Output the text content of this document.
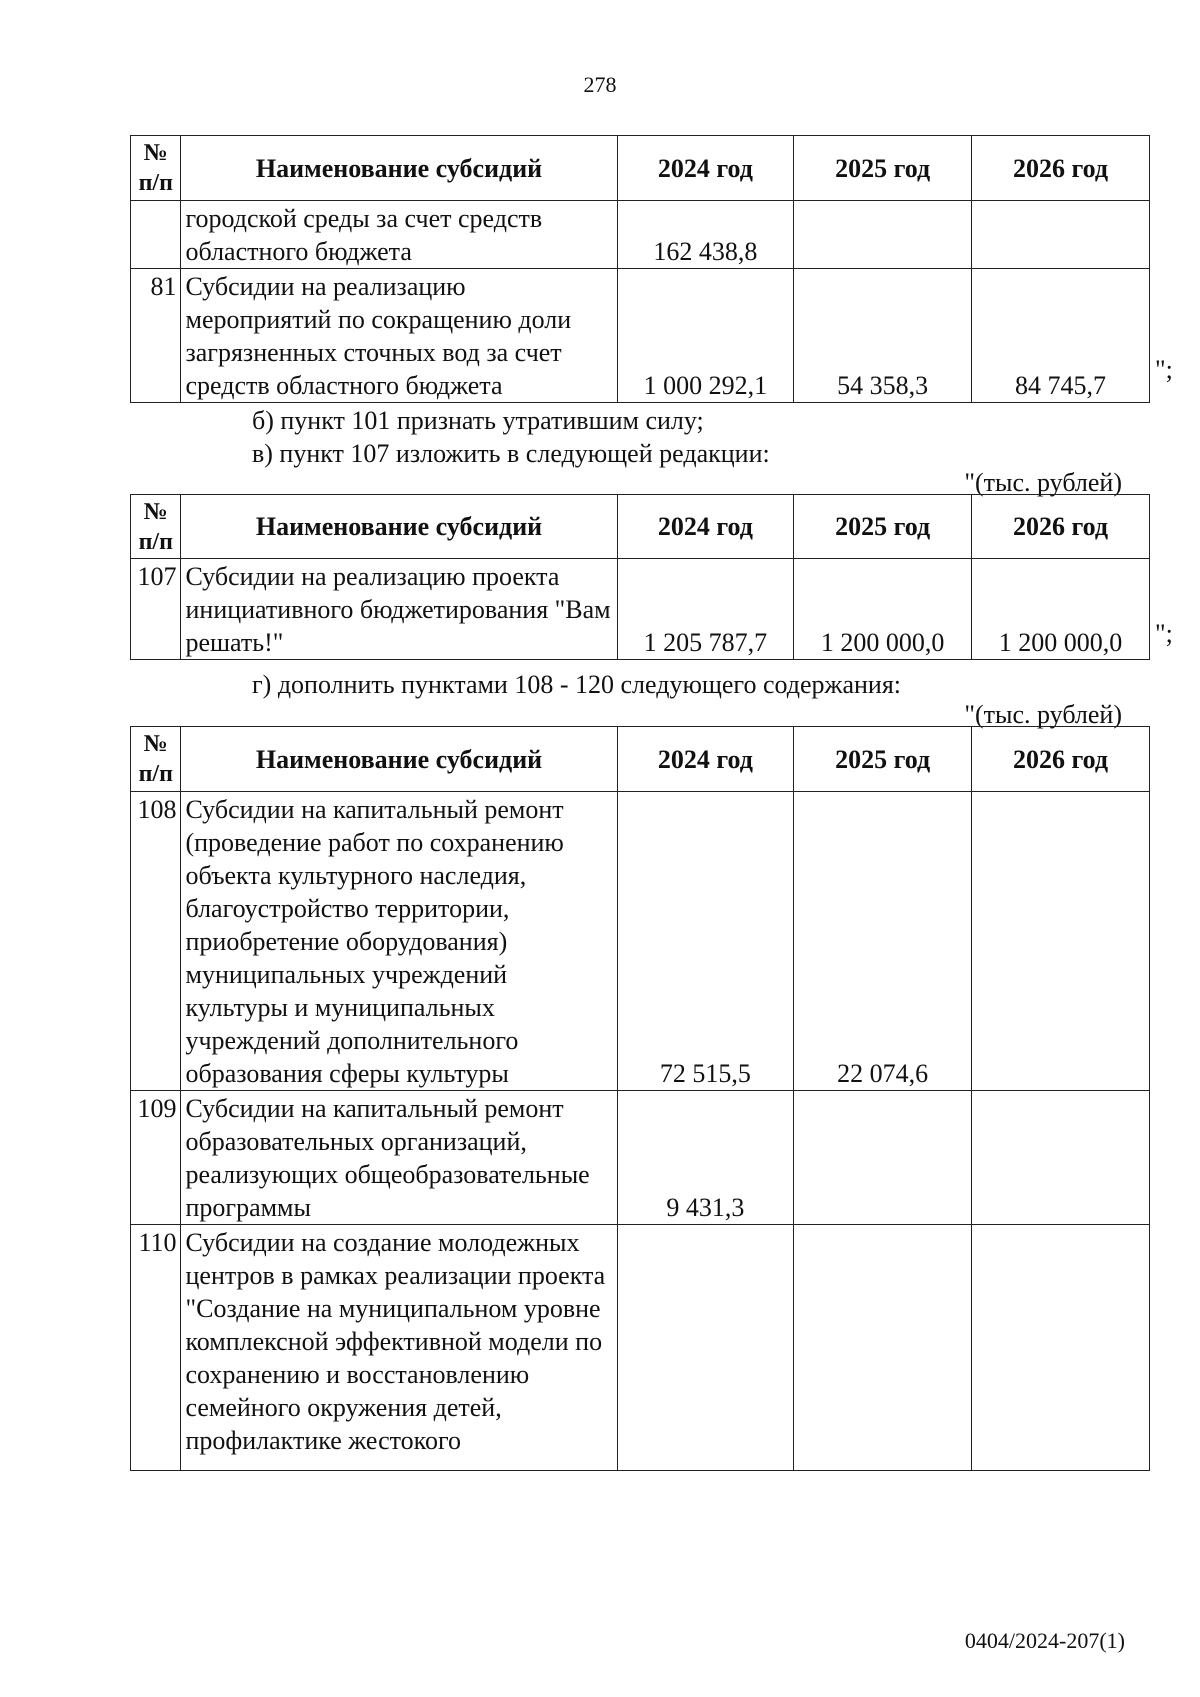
278
№ п/п	Наименование субсидий	2024 год	2025 год	2026 год
	городской среды за счет средств областного бюджета	162 438,8		
81	Субсидии на реализацию мероприятий по сокращению доли загрязненных сточных вод за счет средств областного бюджета	1 000 292,1	54 358,3	84 745,7
";
б) пункт 101 признать утратившим силу;
в) пункт 107 изложить в следующей редакции:
"(тыс. рублей)
№ п/п	Наименование субсидий	2024 год	2025 год	2026 год
107	Субсидии на реализацию проекта инициативного бюджетирования "Вам решать!"	1 205 787,7	1 200 000,0	1 200 000,0 ";
г) дополнить пунктами 108 - 120 следующего содержания:
"(тыс. рублей)
№ п/п	Наименование субсидий	2024 год	2025 год	2026 год
108	Субсидии на капитальный ремонт (проведение работ по сохранению объекта культурного наследия, благоустройство территории, приобретение оборудования) муниципальных учреждений культуры и муниципальных учреждений дополнительного образования сферы культуры	72 515,5	22 074,6	
109	Субсидии на капитальный ремонт образовательных организаций, реализующих общеобразовательные программы	9 431,3		
110	Субсидии на создание молодежных центров в рамках реализации проекта "Создание на муниципальном уровне комплексной эффективной модели по сохранению и восстановлению семейного окружения детей, профилактике жестокого			
0404/2024-207(1)
